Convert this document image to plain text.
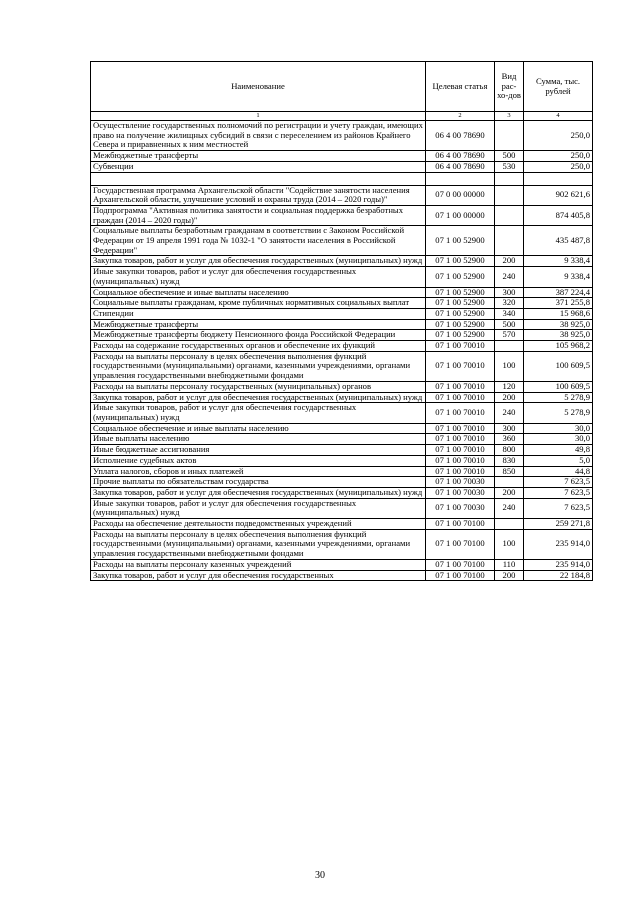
Наименование	Целевая статья	Вид рас-хо-дов	Сумма, тыс. рублей
1	2	3	4
Осуществление государственных полномочий по регистрации и учету граждан, имеющих право на получение жилищных субсидий в связи с переселением из районов Крайнего Севера и приравненных к ним местностей	06 4 00 78690		250,0
Межбюджетные трансферты	06 4 00 78690	500	250,0
Субвенции	06 4 00 78690	530	250,0

Государственная программа Архангельской области "Содействие занятости населения Архангельской области, улучшение условий и охраны труда (2014 – 2020 годы)"	07 0 00 00000		902 621,6
Подпрограмма "Активная политика занятости и социальная поддержка безработных граждан (2014 – 2020 годы)"	07 1 00 00000		874 405,8
Социальные выплаты безработным гражданам в соответствии с Законом Российской Федерации от 19 апреля 1991 года № 1032-1 "О занятости населения в Российской Федерации"	07 1 00 52900		435 487,8
Закупка товаров, работ и услуг для обеспечения государственных (муниципальных) нужд	07 1 00 52900	200	9 338,4
Иные закупки товаров, работ и услуг для обеспечения государственных (муниципальных) нужд	07 1 00 52900	240	9 338,4
Социальное обеспечение и иные выплаты населению	07 1 00 52900	300	387 224,4
Социальные выплаты гражданам, кроме публичных нормативных социальных выплат	07 1 00 52900	320	371 255,8
Стипендии	07 1 00 52900	340	15 968,6
Межбюджетные трансферты	07 1 00 52900	500	38 925,0
Межбюджетные трансферты бюджету Пенсионного фонда Российской Федерации	07 1 00 52900	570	38 925,0
Расходы на содержание государственных органов и обеспечение их функций	07 1 00 70010		105 968,2
Расходы на выплаты персоналу в целях обеспечения выполнения функций государственными (муниципальными) органами, казенными учреждениями, органами управления государственными внебюджетными фондами	07 1 00 70010	100	100 609,5
Расходы на выплаты персоналу государственных (муниципальных) органов	07 1 00 70010	120	100 609,5
Закупка товаров, работ и услуг для обеспечения государственных (муниципальных) нужд	07 1 00 70010	200	5 278,9
Иные закупки товаров, работ и услуг для обеспечения государственных (муниципальных) нужд	07 1 00 70010	240	5 278,9
Социальное обеспечение и иные выплаты населению	07 1 00 70010	300	30,0
Иные выплаты населению	07 1 00 70010	360	30,0
Иные бюджетные ассигнования	07 1 00 70010	800	49,8
Исполнение судебных актов	07 1 00 70010	830	5,0
Уплата налогов, сборов и иных платежей	07 1 00 70010	850	44,8
Прочие выплаты по обязательствам государства	07 1 00 70030		7 623,5
Закупка товаров, работ и услуг для обеспечения государственных (муниципальных) нужд	07 1 00 70030	200	7 623,5
Иные закупки товаров, работ и услуг для обеспечения государственных (муниципальных) нужд	07 1 00 70030	240	7 623,5
Расходы на обеспечение деятельности подведомственных учреждений	07 1 00 70100		259 271,8
Расходы на выплаты персоналу в целях обеспечения выполнения функций государственными (муниципальными) органами, казенными учреждениями, органами управления государственными внебюджетными фондами	07 1 00 70100	100	235 914,0
Расходы на выплаты персоналу казенных учреждений	07 1 00 70100	110	235 914,0
Закупка товаров, работ и услуг для обеспечения государственных	07 1 00 70100	200	22 184,8
30
